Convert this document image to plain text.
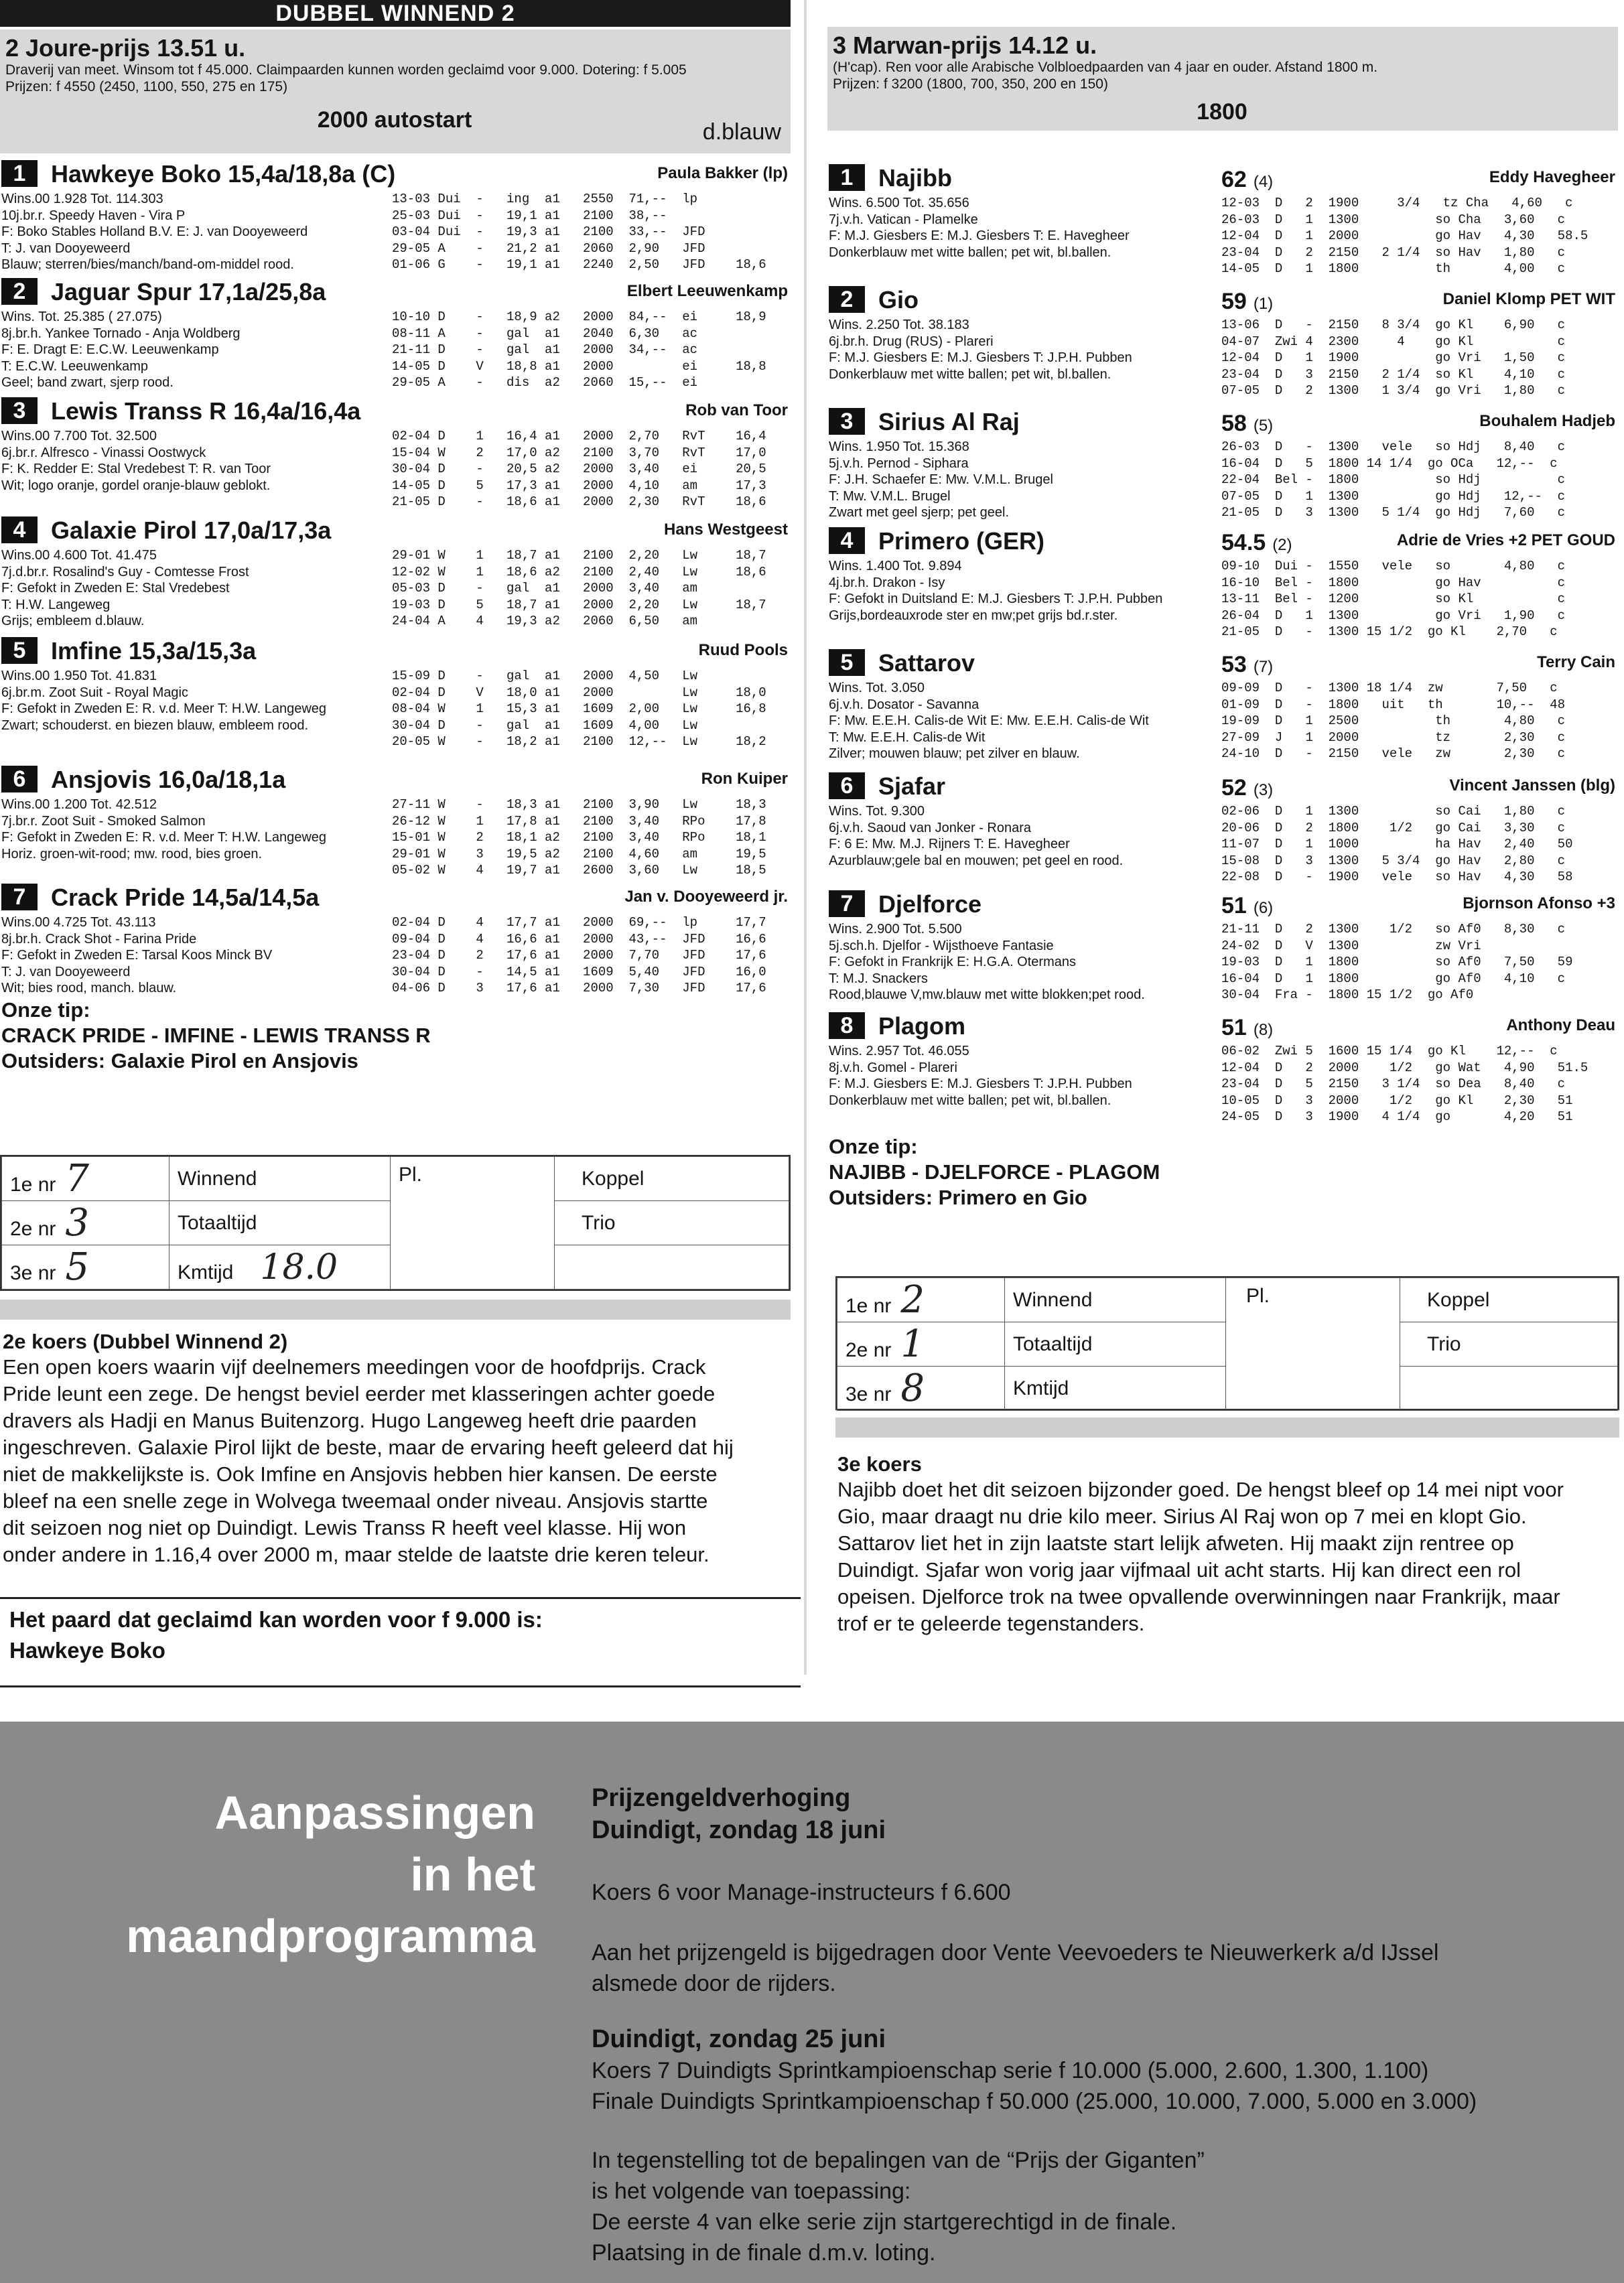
DUBBEL WINNEND 2
2 Joure-prijs 13.51 u.
Draverij van meet. Winsom tot f 45.000. Claimpaarden kunnen worden geclaimd voor 9.000. Dotering: f 5.005
Prijzen: f 4550 (2450, 1100, 550, 275 en 175)
2000 autostart	d.blauw
1	Hawkeye Boko 15,4a/18,8a (C)	Paula Bakker (lp)
Wins.00 1.928 Tot. 114.303
10j.br.r. Speedy Haven - Vira P
F: Boko Stables Holland B.V. E: J. van Dooyeweerd
T: J. van Dooyeweerd
Blauw; sterren/bies/manch/band-om-middel rood.
13-03 Dui  -   ing  a1   2550  71,--  lp
25-03 Dui  -   19,1 a1   2100  38,--
03-04 Dui  -   19,3 a1   2100  33,--  JFD
29-05 A    -   21,2 a1   2060  2,90   JFD
01-06 G    -   19,1 a1   2240  2,50   JFD    18,6
2	Jaguar Spur 17,1a/25,8a	Elbert Leeuwenkamp
Wins. Tot. 25.385 ( 27.075)
8j.br.h. Yankee Tornado - Anja Woldberg
F: E. Dragt E: E.C.W. Leeuwenkamp
T: E.C.W. Leeuwenkamp
Geel; band zwart, sjerp rood.
10-10 D    -   18,9 a2   2000  84,--  ei     18,9
08-11 A    -   gal  a1   2040  6,30   ac
21-11 D    -   gal  a1   2000  34,--  ac
14-05 D    V   18,8 a1   2000         ei     18,8
29-05 A    -   dis  a2   2060  15,--  ei
3	Lewis Transs R 16,4a/16,4a	Rob van Toor
Wins.00 7.700 Tot. 32.500
6j.br.r. Alfresco - Vinassi Oostwyck
F: K. Redder E: Stal Vredebest T: R. van Toor
Wit; logo oranje, gordel oranje-blauw geblokt.
02-04 D    1   16,4 a1   2000  2,70   RvT    16,4
15-04 W    2   17,0 a2   2100  3,70   RvT    17,0
30-04 D    -   20,5 a2   2000  3,40   ei     20,5
14-05 D    5   17,3 a1   2000  4,10   am     17,3
21-05 D    -   18,6 a1   2000  2,30   RvT    18,6
4	Galaxie Pirol 17,0a/17,3a	Hans Westgeest
Wins.00 4.600 Tot. 41.475
7j.d.br.r. Rosalind's Guy - Comtesse Frost
F: Gefokt in Zweden E: Stal Vredebest
T: H.W. Langeweg
Grijs; embleem d.blauw.
29-01 W    1   18,7 a1   2100  2,20   Lw     18,7
12-02 W    1   18,6 a2   2100  2,40   Lw     18,6
05-03 D    -   gal  a1   2000  3,40   am
19-03 D    5   18,7 a1   2000  2,20   Lw     18,7
24-04 A    4   19,3 a2   2060  6,50   am
5	Imfine 15,3a/15,3a	Ruud Pools
Wins.00 1.950 Tot. 41.831
6j.br.m. Zoot Suit - Royal Magic
F: Gefokt in Zweden E: R. v.d. Meer T: H.W. Langeweg
Zwart; schouderst. en biezen blauw, embleem rood.
15-09 D    -   gal  a1   2000  4,50   Lw
02-04 D    V   18,0 a1   2000         Lw     18,0
08-04 W    1   15,3 a1   1609  2,00   Lw     16,8
30-04 D    -   gal  a1   1609  4,00   Lw
20-05 W    -   18,2 a1   2100  12,--  Lw     18,2
6	Ansjovis 16,0a/18,1a	Ron Kuiper
Wins.00 1.200 Tot. 42.512
7j.br.r. Zoot Suit - Smoked Salmon
F: Gefokt in Zweden E: R. v.d. Meer T: H.W. Langeweg
Horiz. groen-wit-rood; mw. rood, bies groen.
27-11 W    -   18,3 a1   2100  3,90   Lw     18,3
26-12 W    1   17,8 a1   2100  3,40   RPo    17,8
15-01 W    2   18,1 a2   2100  3,40   RPo    18,1
29-01 W    3   19,5 a2   2100  4,60   am     19,5
05-02 W    4   19,7 a1   2600  3,60   Lw     18,5
7	Crack Pride 14,5a/14,5a	Jan v. Dooyeweerd jr.
Wins.00 4.725 Tot. 43.113
8j.br.h. Crack Shot - Farina Pride
F: Gefokt in Zweden E: Tarsal Koos Minck BV
T: J. van Dooyeweerd
Wit; bies rood, manch. blauw.
02-04 D    4   17,7 a1   2000  69,--  lp     17,7
09-04 D    4   16,6 a1   2000  43,--  JFD    16,6
23-04 D    2   17,6 a1   2000  7,70   JFD    17,6
30-04 D    -   14,5 a1   1609  5,40   JFD    16,0
04-06 D    3   17,6 a1   2000  7,30   JFD    17,6
Onze tip:
CRACK PRIDE - IMFINE - LEWIS TRANSS R
Outsiders: Galaxie Pirol en Ansjovis
1e nr 7	Winnend	Pl.	Koppel
2e nr 3	Totaaltijd		Trio
3e nr 5	Kmtijd 18.0		
2e koers (Dubbel Winnend 2)
Een open koers waarin vijf deelnemers meedingen voor de hoofdprijs. Crack
Pride leunt een zege. De hengst beviel eerder met klasseringen achter goede
dravers als Hadji en Manus Buitenzorg. Hugo Langeweg heeft drie paarden
ingeschreven. Galaxie Pirol lijkt de beste, maar de ervaring heeft geleerd dat hij
niet de makkelijkste is. Ook Imfine en Ansjovis hebben hier kansen. De eerste
bleef na een snelle zege in Wolvega tweemaal onder niveau. Ansjovis startte
dit seizoen nog niet op Duindigt. Lewis Transs R heeft veel klasse. Hij won
onder andere in 1.16,4 over 2000 m, maar stelde de laatste drie keren teleur.
Het paard dat geclaimd kan worden voor f 9.000 is:
Hawkeye Boko
3 Marwan-prijs 14.12 u.
(H'cap). Ren voor alle Arabische Volbloedpaarden van 4 jaar en ouder. Afstand 1800 m.
Prijzen: f 3200 (1800, 700, 350, 200 en 150)
1800
1	Najibb	62 (4)	Eddy Havegheer
Wins. 6.500 Tot. 35.656
7j.v.h. Vatican - Plamelke
F: M.J. Giesbers E: M.J. Giesbers T: E. Havegheer
Donkerblauw met witte ballen; pet wit, bl.ballen.
12-03  D   2  1900     3/4   tz Cha   4,60   c
26-03  D   1  1300          so Cha   3,60   c
12-04  D   1  2000          go Hav   4,30   58.5
23-04  D   2  2150   2 1/4  so Hav   1,80   c
14-05  D   1  1800          th       4,00   c
2	Gio	59 (1)	Daniel Klomp PET WIT
Wins. 2.250 Tot. 38.183
6j.br.h. Drug (RUS) - Plareri
F: M.J. Giesbers E: M.J. Giesbers T: J.P.H. Pubben
Donkerblauw met witte ballen; pet wit, bl.ballen.
13-06  D   -  2150   8 3/4  go Kl    6,90   c
04-07  Zwi 4  2300     4    go Kl           c
12-04  D   1  1900          go Vri   1,50   c
23-04  D   3  2150   2 1/4  so Kl    4,10   c
07-05  D   2  1300   1 3/4  go Vri   1,80   c
3	Sirius Al Raj	58 (5)	Bouhalem Hadjeb
Wins. 1.950 Tot. 15.368
5j.v.h. Pernod - Siphara
F: J.H. Schaefer E: Mw. V.M.L. Brugel
T: Mw. V.M.L. Brugel
Zwart met geel sjerp; pet geel.
26-03  D   -  1300   vele   so Hdj   8,40   c
16-04  D   5  1800 14 1/4  go OCa   12,--  c
22-04  Bel -  1800          so Hdj          c
07-05  D   1  1300          go Hdj   12,--  c
21-05  D   3  1300   5 1/4  go Hdj   7,60   c
4	Primero (GER)	54.5 (2)	Adrie de Vries +2 PET GOUD
Wins. 1.400 Tot. 9.894
4j.br.h. Drakon - Isy
F: Gefokt in Duitsland E: M.J. Giesbers T: J.P.H. Pubben
Grijs,bordeauxrode ster en mw;pet grijs bd.r.ster.
09-10  Dui -  1550   vele   so       4,80   c
16-10  Bel -  1800          go Hav          c
13-11  Bel -  1200          so Kl           c
26-04  D   1  1300          go Vri   1,90   c
21-05  D   -  1300 15 1/2  go Kl    2,70   c
5	Sattarov	53 (7)	Terry Cain
Wins. Tot. 3.050
6j.v.h. Dosator - Savanna
F: Mw. E.E.H. Calis-de Wit E: Mw. E.E.H. Calis-de Wit
T: Mw. E.E.H. Calis-de Wit
Zilver; mouwen blauw; pet zilver en blauw.
09-09  D   -  1300 18 1/4  zw       7,50   c
01-09  D   -  1800   uit   th       10,--  48
19-09  D   1  2500          th       4,80   c
27-09  J   1  2000          tz       2,30   c
24-10  D   -  2150   vele   zw       2,30   c
6	Sjafar	52 (3)	Vincent Janssen (blg)
Wins. Tot. 9.300
6j.v.h. Saoud van Jonker - Ronara
F: 6 E: Mw. M.J. Rijners T: E. Havegheer
Azurblauw;gele bal en mouwen; pet geel en rood.
02-06  D   1  1300          so Cai   1,80   c
20-06  D   2  1800    1/2   go Cai   3,30   c
11-07  D   1  1000          ha Hav   2,40   50
15-08  D   3  1300   5 3/4  go Hav   2,80   c
22-08  D   -  1900   vele   so Hav   4,30   58
7	Djelforce	51 (6)	Bjornson Afonso +3
Wins. 2.900 Tot. 5.500
5j.sch.h. Djelfor - Wijsthoeve Fantasie
F: Gefokt in Frankrijk E: H.G.A. Otermans
T: M.J. Snackers
Rood,blauwe V,mw.blauw met witte blokken;pet rood.
21-11  D   2  1300    1/2   so Af0   8,30   c
24-02  D   V  1300          zw Vri
19-03  D   1  1800          so Af0   7,50   59
16-04  D   1  1800          go Af0   4,10   c
30-04  Fra -  1800 15 1/2  go Af0
8	Plagom	51 (8)	Anthony Deau
Wins. 2.957 Tot. 46.055
8j.v.h. Gomel - Plareri
F: M.J. Giesbers E: M.J. Giesbers T: J.P.H. Pubben
Donkerblauw met witte ballen; pet wit, bl.ballen.
06-02  Zwi 5  1600 15 1/4  go Kl    12,--  c
12-04  D   2  2000    1/2   go Wat   4,90   51.5
23-04  D   5  2150   3 1/4  so Dea   8,40   c
10-05  D   3  2000    1/2   go Kl    2,30   51
24-05  D   3  1900   4 1/4  go       4,20   51
Onze tip:
NAJIBB - DJELFORCE - PLAGOM
Outsiders: Primero en Gio
1e nr 2	Winnend	Pl.	Koppel
2e nr 1	Totaaltijd		Trio
3e nr 8	Kmtijd		
3e koers
Najibb doet het dit seizoen bijzonder goed. De hengst bleef op 14 mei nipt voor
Gio, maar draagt nu drie kilo meer. Sirius Al Raj won op 7 mei en klopt Gio.
Sattarov liet het in zijn laatste start lelijk afweten. Hij maakt zijn rentree op
Duindigt. Sjafar won vorig jaar vijfmaal uit acht starts. Hij kan direct een rol
opeisen. Djelforce trok na twee opvallende overwinningen naar Frankrijk, maar
trof er te geleerde tegenstanders.
Aanpassingen
in het
maandprogramma
Prijzengeldverhoging
Duindigt, zondag 18 juni
Koers 6 voor Manage-instructeurs f 6.600
Aan het prijzengeld is bijgedragen door Vente Veevoeders te Nieuwerkerk a/d IJssel
alsmede door de rijders.
Duindigt, zondag 25 juni
Koers 7 Duindigts Sprintkampioenschap serie f 10.000 (5.000, 2.600, 1.300, 1.100)
Finale Duindigts Sprintkampioenschap f 50.000 (25.000, 10.000, 7.000, 5.000 en 3.000)
In tegenstelling tot de bepalingen van de “Prijs der Giganten”
is het volgende van toepassing:
De eerste 4 van elke serie zijn startgerechtigd in de finale.
Plaatsing in de finale d.m.v. loting.
